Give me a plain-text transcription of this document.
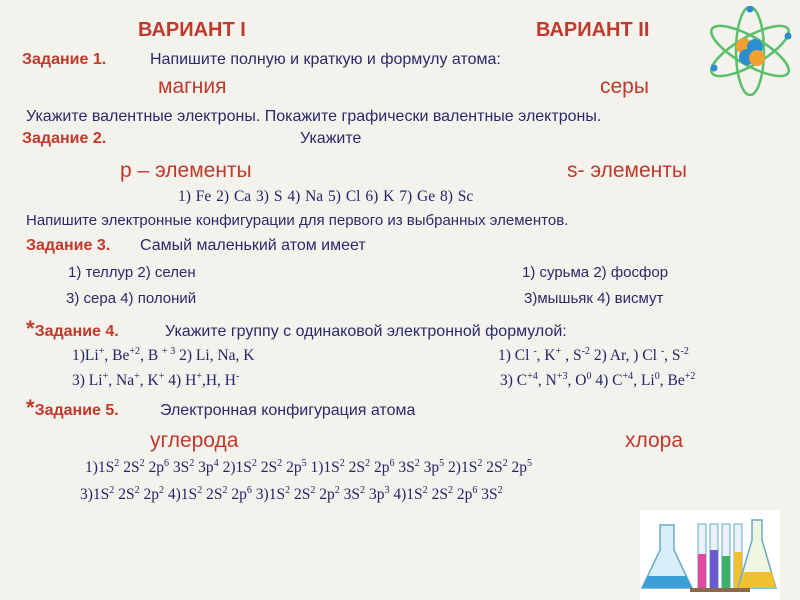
ВАРИАНТ I	ВАРИАНТ II
Задание 1.	Напишите полную и краткую и формулу атома:
магния	серы
Укажите валентные электроны. Покажите графически валентные электроны.
Задание 2.	Укажите
p – элементы	s- элементы
1) Fe 2) Ca 3) S 4) Na 5) Cl 6) K 7) Ge 8) Sc
Напишите электронные конфигурации для первого из выбранных элементов.
Задание 3. Самый маленький атом имеет
1) теллур 2) селен	1) сурьма 2) фосфор
3) сера 4) полоний	3)мышьяк 4) висмут
*Задание 4.	Укажите группу с одинаковой электронной формулой:
1)Li+, $Be^{+2}$, B $^{+ 3}$ 2) Li, Na, K	1) Cl -, K+ , $S^{-2}$ 2) Ar, ) Cl -, $S^{-2}$
3) Li+, Na+, K+ 4) H+,H, H-	3) $C^{+4}$, $N^{+3}$, $O^0$ 4) $C^{+4}$, Li$^0$, $Be^{+2}$
*Задание 5.	Электронная конфигурация атома
углерода	хлора
$1)1S^2$ $2S^2$ $2p^6$ $3S^2$ $3p^4$ $2)1S^2$ $2S^2$ $2p^5$ $1)1S^2$ $2S^2$ $2p^6$ $3S^2$ $3p^5$ $2)1S^2$ $2S^2$ $2p^5$
$3)1S^2$ $2S^2$ $2p^2$ $4)1S^2$ $2S^2$ $2p^6$ $3)1S^2$ $2S^2$ $2p^2$ $3S^2$ $3p^3$ $4)1S^2$ $2S^2$ $2p^6$ $3S^2$
